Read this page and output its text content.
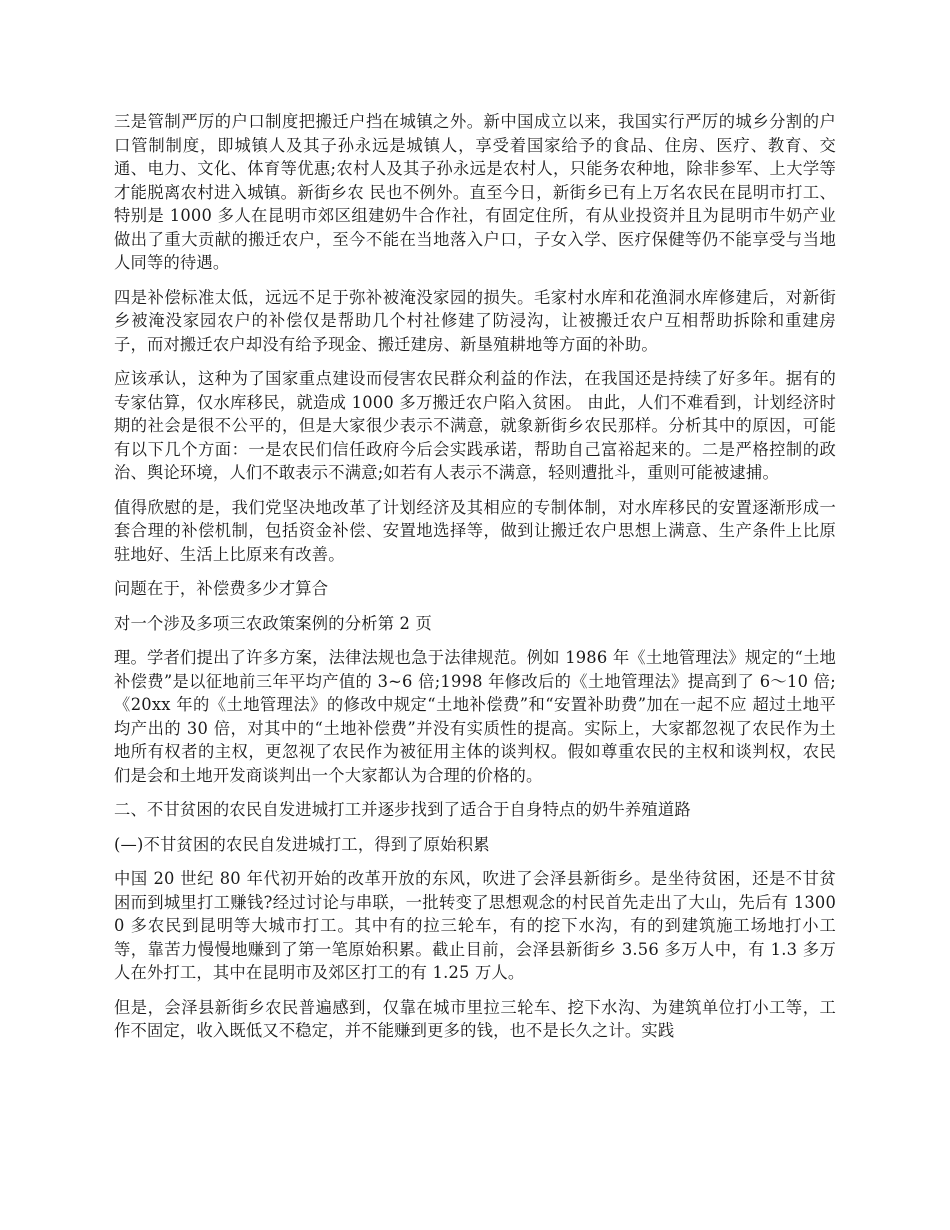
三是管制严厉的户口制度把搬迁户挡在城镇之外。新中国成立以来，我国实行严厉的城乡分割的户口管制制度，即城镇人及其子孙永远是城镇人，享受着国家给予的食品、住房、医疗、教育、交通、电力、文化、体育等优惠;农村人及其子孙永远是农村人，只能务农种地，除非参军、上大学等才能脱离农村进入城镇。新街乡农 民也不例外。直至今日，新街乡已有上万名农民在昆明市打工、特别是 1000 多人在昆明市郊区组建奶牛合作社，有固定住所，有从业投资并且为昆明市牛奶产业 做出了重大贡献的搬迁农户，至今不能在当地落入户口，子女入学、医疗保健等仍不能享受与当地人同等的待遇。

四是补偿标准太低，远远不足于弥补被淹没家园的损失。毛家村水库和花渔洞水库修建后，对新街乡被淹没家园农户的补偿仅是帮助几个村社修建了防浸沟，让被搬迁农户互相帮助拆除和重建房子，而对搬迁农户却没有给予现金、搬迁建房、新垦殖耕地等方面的补助。

应该承认，这种为了国家重点建设而侵害农民群众利益的作法，在我国还是持续了好多年。据有的专家估算，仅水库移民，就造成 1000 多万搬迁农户陷入贫困。 由此，人们不难看到，计划经济时期的社会是很不公平的，但是大家很少表示不满意，就象新街乡农民那样。分析其中的原因，可能有以下几个方面：一是农民们信任政府今后会实践承诺，帮助自己富裕起来的。二是严格控制的政治、舆论环境，人们不敢表示不满意;如若有人表示不满意，轻则遭批斗，重则可能被逮捕。

值得欣慰的是，我们党坚决地改革了计划经济及其相应的专制体制，对水库移民的安置逐渐形成一套合理的补偿机制，包括资金补偿、安置地选择等，做到让搬迁农户思想上满意、生产条件上比原驻地好、生活上比原来有改善。

问题在于，补偿费多少才算合

对一个涉及多项三农政策案例的分析第 2 页

理。学者们提出了许多方案，法律法规也急于法律规范。例如 1986 年《土地管理法》规定的“土地补偿费”是以征地前三年平均产值的 3~6 倍;1998 年修改后的《土地管理法》提高到了 6～10 倍;《20xx 年的《土地管理法》的修改中规定“土地补偿费”和“安置补助费”加在一起不应 超过土地平均产出的 30 倍，对其中的“土地补偿费”并没有实质性的提高。实际上，大家都忽视了农民作为土地所有权者的主权，更忽视了农民作为被征用主体的谈判权。假如尊重农民的主权和谈判权，农民们是会和土地开发商谈判出一个大家都认为合理的价格的。

二、不甘贫困的农民自发进城打工并逐步找到了适合于自身特点的奶牛养殖道路

(—)不甘贫困的农民自发进城打工，得到了原始积累

中国 20 世纪 80 年代初开始的改革开放的东风，吹进了会泽县新街乡。是坐待贫困，还是不甘贫困而到城里打工赚钱?经过讨论与串联，一批转变了思想观念的村民首先走出了大山，先后有 13000 多农民到昆明等大城市打工。其中有的拉三轮车，有的挖下水沟，有的到建筑施工场地打小工等，靠苦力慢慢地赚到了第一笔原始积累。截止目前，会泽县新街乡 3.56 多万人中，有 1.3 多万人在外打工，其中在昆明市及郊区打工的有 1.25 万人。

但是，会泽县新街乡农民普遍感到，仅靠在城市里拉三轮车、挖下水沟、为建筑单位打小工等，工作不固定，收入既低又不稳定，并不能赚到更多的钱，也不是长久之计。实践
